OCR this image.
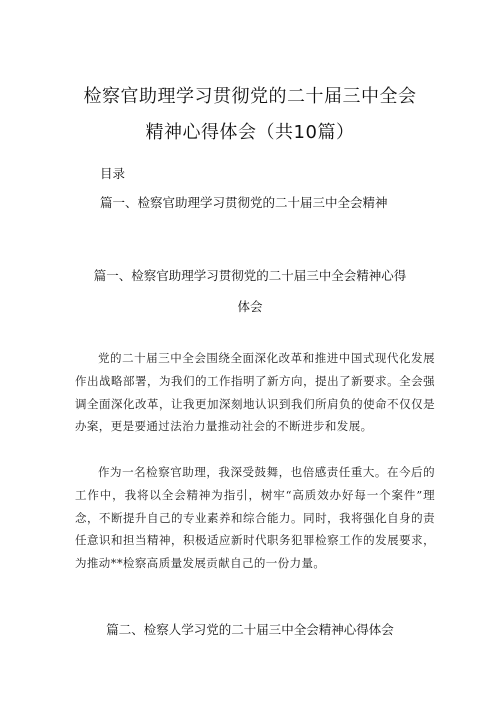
检察官助理学习贯彻党的二十届三中全会
精神心得体会（共10篇）
目录
篇一、检察官助理学习贯彻党的二十届三中全会精神
篇一、检察官助理学习贯彻党的二十届三中全会精神心得
体会

党的二十届三中全会围绕全面深化改革和推进中国式现代化发展作出战略部署，为我们的工作指明了新方向，提出了新要求。全会强调全面深化改革，让我更加深刻地认识到我们所肩负的使命不仅仅是办案，更是要通过法治力量推动社会的不断进步和发展。

作为一名检察官助理，我深受鼓舞，也倍感责任重大。在今后的工作中，我将以全会精神为指引，树牢“高质效办好每一个案件”理念，不断提升自己的专业素养和综合能力。同时，我将强化自身的责任意识和担当精神，积极适应新时代职务犯罪检察工作的发展要求，为推动**检察高质量发展贡献自己的一份力量。

篇二、检察人学习党的二十届三中全会精神心得体会
